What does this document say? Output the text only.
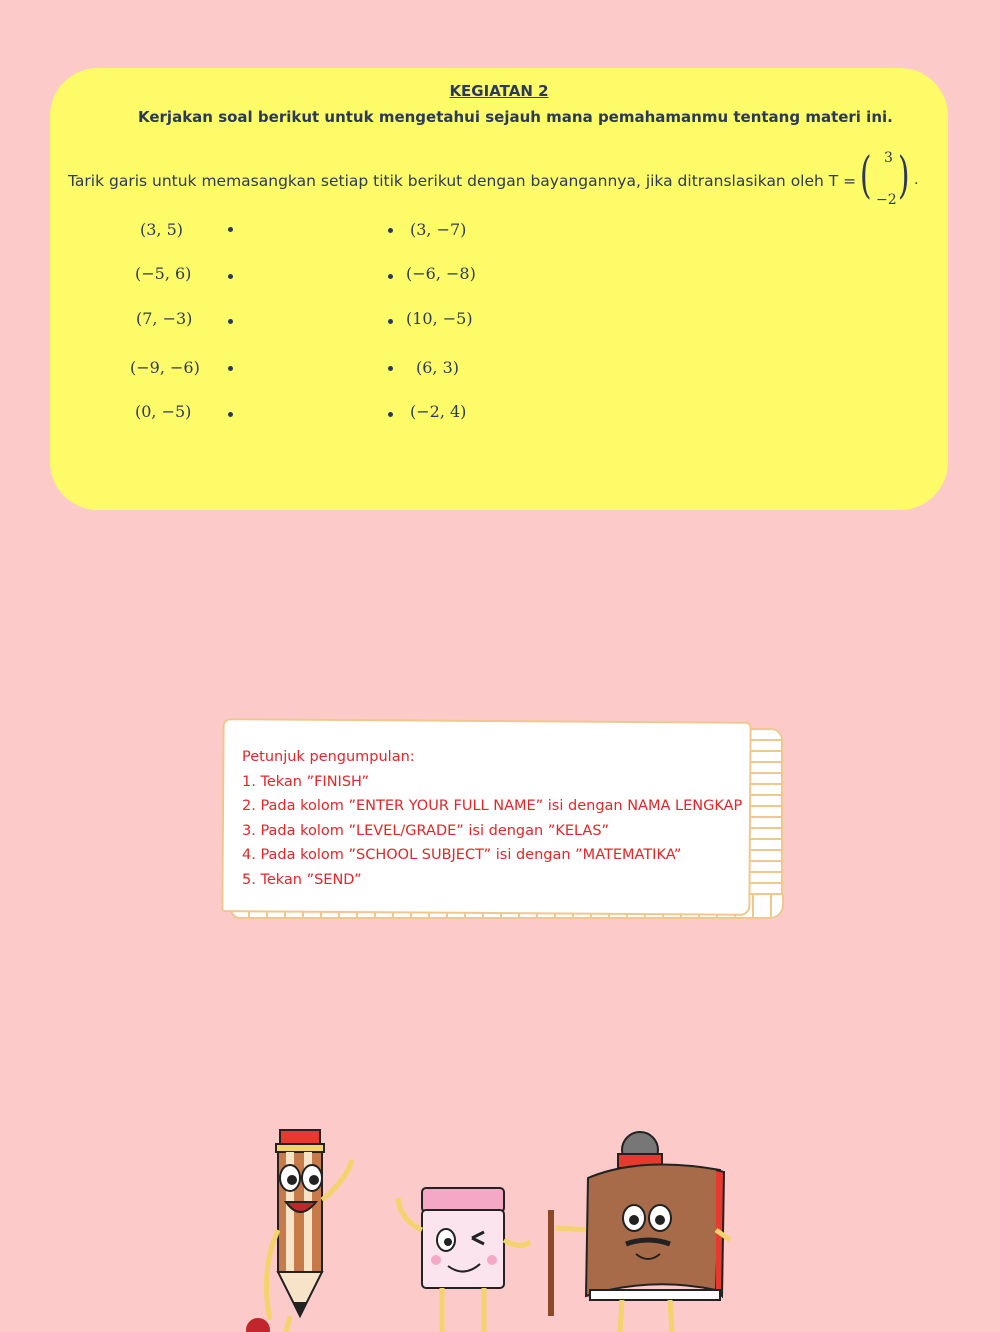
KEGIATAN 2
Kerjakan soal berikut untuk mengetahui sejauh mana pemahamanmu tentang materi ini.
Tarik garis untuk memasangkan setiap titik berikut dengan bayangannya, jika ditranslasikan oleh T = ( 3
−2 ) .
(3, 5)
(−5, 6)
(7, −3)
(−9, −6)
(0, −5)
(3, −7)
(−6, −8)
(10, −5)
(6, 3)
(−2, 4)
Petunjuk pengumpulan:
1. Tekan ”FINISH”
2. Pada kolom ”ENTER YOUR FULL NAME” isi dengan NAMA LENGKAP
3. Pada kolom ”LEVEL/GRADE” isi dengan ”KELAS”
4. Pada kolom ”SCHOOL SUBJECT” isi dengan ”MATEMATIKA”
5. Tekan ”SEND”
